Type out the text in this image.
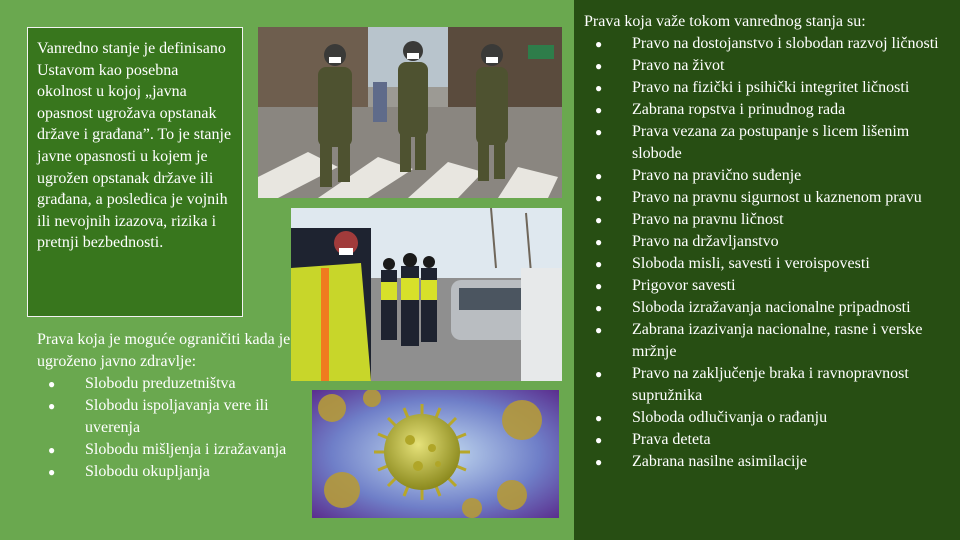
Vanredno stanje je definisano Ustavom kao posebna okolnost u kojoj „javna opasnost ugrožava opstanak države i građana”. To je stanje javne opasnosti u kojem je ugrožen opstanak države ili građana, a posledica je vojnih ili nevojnih izazova, rizika i pretnji bezbednosti.

Prava koja je moguće ograničiti kada je ugroženo javno zdravlje:

● Slobodu preduzetništva
● Slobodu ispoljavanja vere ili uverenja
● Slobodu mišljenja i izražavanja
● Slobodu okupljanja

Prava koja važe tokom vanrednog stanja su:

● Pravo na dostojanstvo i slobodan razvoj ličnosti
● Pravo na život
● Pravo na fizički i psihički integritet ličnosti
● Zabrana ropstva i prinudnog rada
● Prava vezana za postupanje s licem lišenim slobode
● Pravo na pravično suđenje
● Pravo na pravnu sigurnost u kaznenom pravu
● Pravo na pravnu ličnost
● Pravo na državljanstvo
● Sloboda misli, savesti i veroispovesti
● Prigovor savesti
● Sloboda izražavanja nacionalne pripadnosti
● Zabrana izazivanja nacionalne, rasne i verske mržnje
● Pravo na zaključenje braka i ravnopravnost supružnika
● Sloboda odlučivanja o rađanju
● Prava deteta
● Zabrana nasilne asimilacije
